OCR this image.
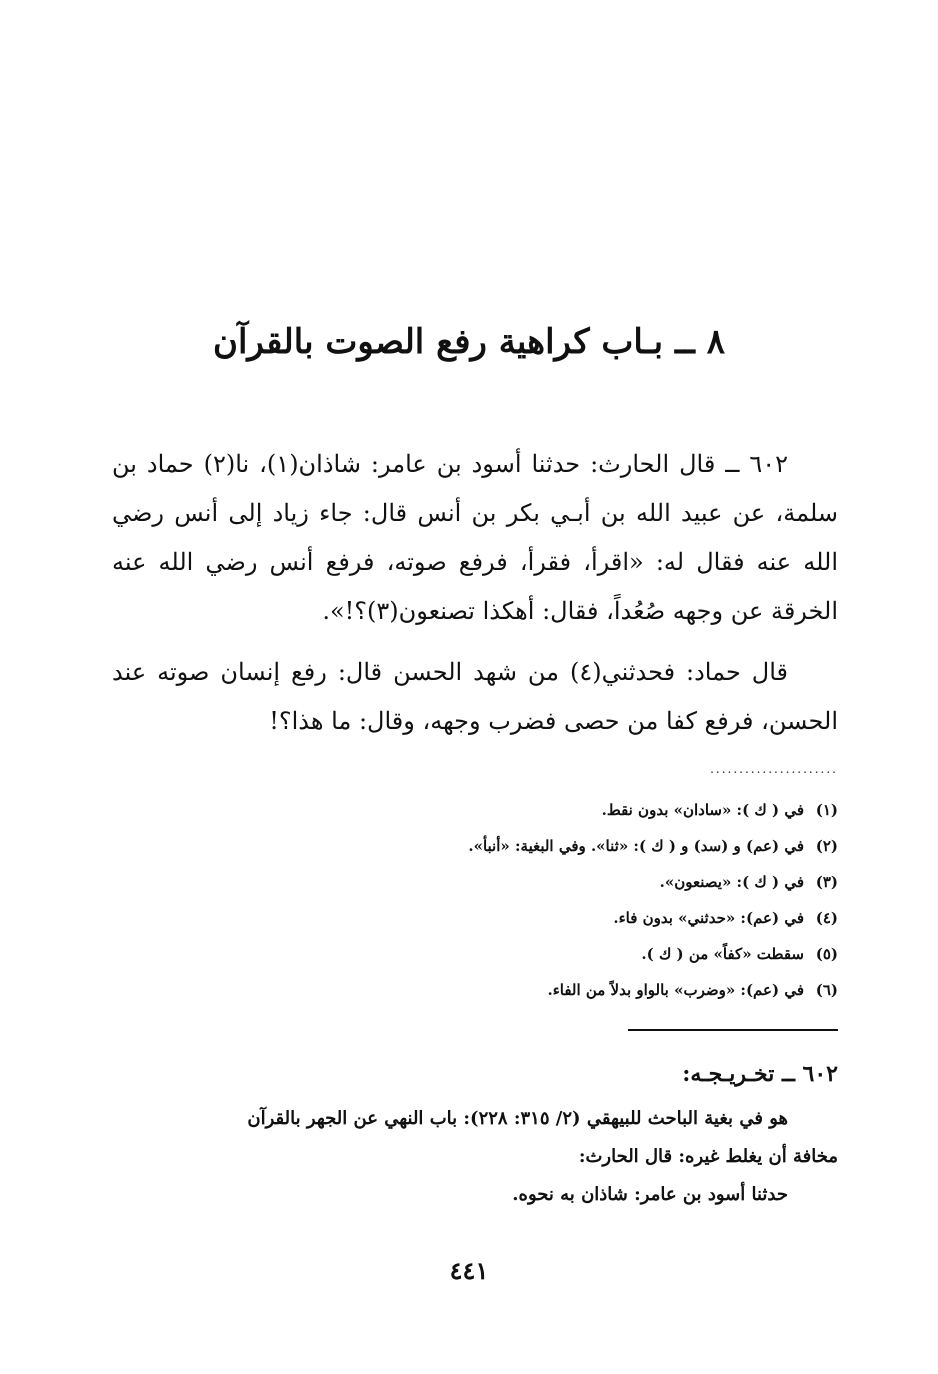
٨ ــ بـاب كراهية رفع الصوت بالقرآن

٦٠٢ ــ قال الحارث: حدثنا أسود بن عامر: شاذان(١)، نا(٢) حماد بن سلمة، عن عبيد الله بن أبـي بكر بن أنس قال: جاء زياد إلى أنس رضي الله عنه فقال له: «اقرأ، فقرأ، فرفع صوته، فرفع أنس رضي الله عنه الخرقة عن وجهه صُعُداً، فقال: أهكذا تصنعون(٣)؟!».

قال حماد: فحدثني(٤) من شهد الحسن قال: رفع إنسان صوته عند الحسن، فرفع كفا من حصى فضرب وجهه، وقال: ما هذا؟!

......................
(١)في ( ك ): «سادان» بدون نقط.
(٢)في (عم) و (سد) و ( ك ): «ثنا». وفي البغية: «أنبأ».
(٣)في ( ك ): «يصنعون».
(٤)في (عم): «حدثني» بدون فاء.
(٥)سقطت «كفاً» من ( ك ).
(٦)في (عم): «وضرب» بالواو بدلاً من الفاء.
٦٠٢ ــ تخـريـجـه:
هو في بغية الباحث للبيهقي (٢/ ٣١٥: ٢٢٨): باب النهي عن الجهر بالقرآن
مخافة أن يغلط غيره: قال الحارث:
حدثنا أسود بن عامر: شاذان به نحوه.
٤٤١
